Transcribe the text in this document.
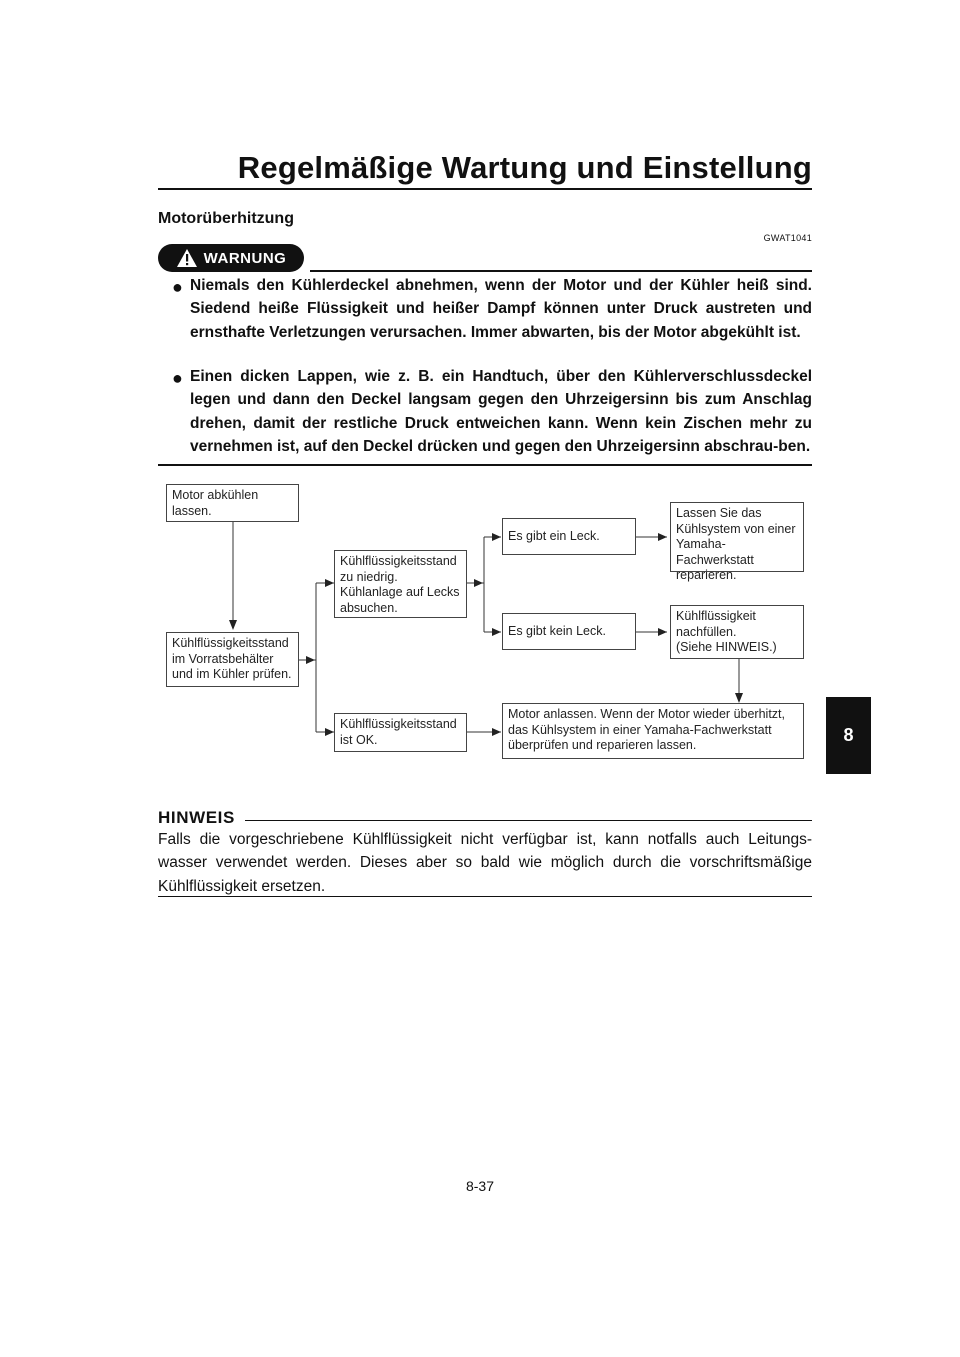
Regelmäßige Wartung und Einstellung
Motorüberhitzung
GWAT1041
WARNUNG
● Niemals den Kühlerdeckel abnehmen, wenn der Motor und der Kühler heiß sind. Siedend heiße Flüssigkeit und heißer Dampf können unter Druck austreten und ernsthafte Verletzungen verursachen. Immer abwarten, bis der Motor abgekühlt ist.
● Einen dicken Lappen, wie z. B. ein Handtuch, über den Kühlerverschlussdeckel legen und dann den Deckel langsam gegen den Uhrzeigersinn bis zum Anschlag drehen, damit der restliche Druck entweichen kann. Wenn kein Zischen mehr zu vernehmen ist, auf den Deckel drücken und gegen den Uhrzeigersinn abschrau-ben.
Motor abkühlen
lassen.
Kühlflüssigkeitsstand
im Vorratsbehälter
und im Kühler prüfen.
Kühlflüssigkeitsstand
zu niedrig.
Kühlanlage auf Lecks
absuchen.
Kühlflüssigkeitsstand
ist OK.
Es gibt ein Leck.
Es gibt kein Leck.
Lassen Sie das
Kühlsystem von einer
Yamaha-Fachwerkstatt
reparieren.
Kühlflüssigkeit
nachfüllen.
(Siehe HINWEIS.)
Motor anlassen. Wenn der Motor wieder überhitzt,
das Kühlsystem in einer Yamaha-Fachwerkstatt
überprüfen und reparieren lassen.
HINWEIS
Falls die vorgeschriebene Kühlflüssigkeit nicht verfügbar ist, kann notfalls auch Leitungs-wasser verwendet werden. Dieses aber so bald wie möglich durch die vorschriftsmäßige Kühlflüssigkeit ersetzen.
8-37
8
